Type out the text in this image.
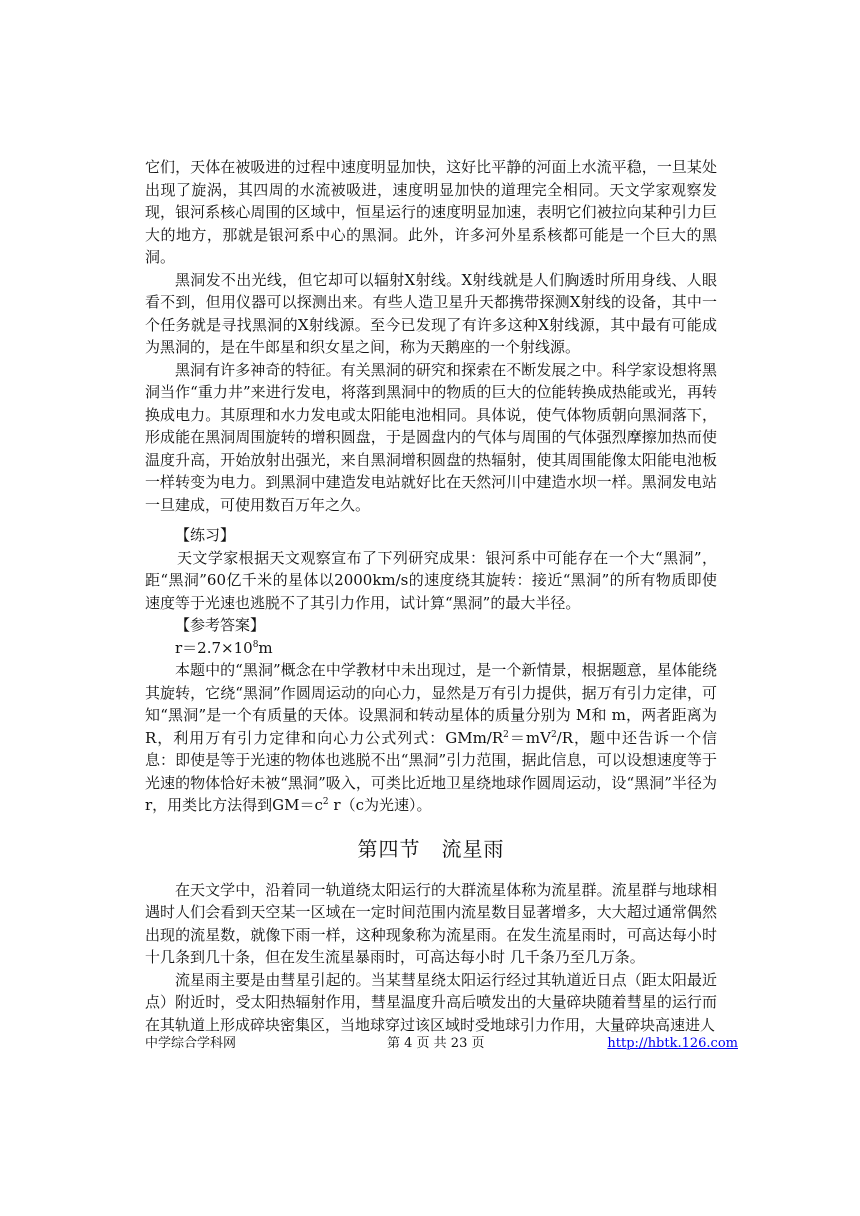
它们，天体在被吸进的过程中速度明显加快，这好比平静的河面上水流平稳，一旦某处出现了旋涡，其四周的水流被吸进，速度明显加快的道理完全相同。天文学家观察发现，银河系核心周围的区域中，恒星运行的速度明显加速，表明它们被拉向某种引力巨大的地方，那就是银河系中心的黑洞。此外，许多河外星系核都可能是一个巨大的黑洞。

黑洞发不出光线，但它却可以辐射X射线。X射线就是人们胸透时所用身线、人眼看不到，但用仪器可以探测出来。有些人造卫星升天都携带探测X射线的设备，其中一个任务就是寻找黑洞的X射线源。至今已发现了有许多这种X射线源，其中最有可能成为黑洞的，是在牛郎星和织女星之间，称为天鹅座的一个射线源。

黑洞有许多神奇的特征。有关黑洞的研究和探索在不断发展之中。科学家设想将黑洞当作“重力井”来进行发电，将落到黑洞中的物质的巨大的位能转换成热能或光，再转换成电力。其原理和水力发电或太阳能电池相同。具体说，使气体物质朝向黑洞落下，形成能在黑洞周围旋转的增积圆盘，于是圆盘内的气体与周围的气体强烈摩擦加热而使温度升高，开始放射出强光，来自黑洞增积圆盘的热辐射，使其周围能像太阳能电池板一样转变为电力。到黑洞中建造发电站就好比在天然河川中建造水坝一样。黑洞发电站一旦建成，可使用数百万年之久。

【练习】

天文学家根据天文观察宣布了下列研究成果：银河系中可能存在一个大“黑洞”，距“黑洞”60亿千米的星体以2000km/s的速度绕其旋转：接近“黑洞”的所有物质即使速度等于光速也逃脱不了其引力作用，试计算“黑洞”的最大半径。

【参考答案】

$r=2.7\times 10^8m$

本题中的“黑洞”概念在中学教材中未出现过，是一个新情景，根据题意，星体能绕其旋转，它绕“黑洞”作圆周运动的向心力，显然是万有引力提供，据万有引力定律，可知“黑洞”是一个有质量的天体。设黑洞和转动星体的质量分别为 M和 m，两者距离为R，利用万有引力定律和向心力公式列式：GMm/$R^2=mV^2/R$，题中还告诉一个信息：即使是等于光速的物体也逃脱不出“黑洞”引力范围，据此信息，可以设想速度等于光速的物体恰好未被“黑洞”吸入，可类比近地卫星绕地球作圆周运动，设“黑洞”半径为r，用类比方法得到$GM=c^2$ r（c为光速）。

第四节　流星雨

在天文学中，沿着同一轨道绕太阳运行的大群流星体称为流星群。流星群与地球相遇时人们会看到天空某一区域在一定时间范围内流星数目显著增多，大大超过通常偶然出现的流星数，就像下雨一样，这种现象称为流星雨。在发生流星雨时，可高达每小时十几条到几十条，但在发生流星暴雨时，可高达每小时 几千条乃至几万条。

流星雨主要是由彗星引起的。当某彗星绕太阳运行经过其轨道近日点（距太阳最近点）附近时，受太阳热辐射作用，彗星温度升高后喷发出的大量碎块随着彗星的运行而在其轨道上形成碎块密集区，当地球穿过该区域时受地球引力作用，大量碎块高速进人

中学综合学科网	第 4 页 共 23 页	http://hbtk.126.com
